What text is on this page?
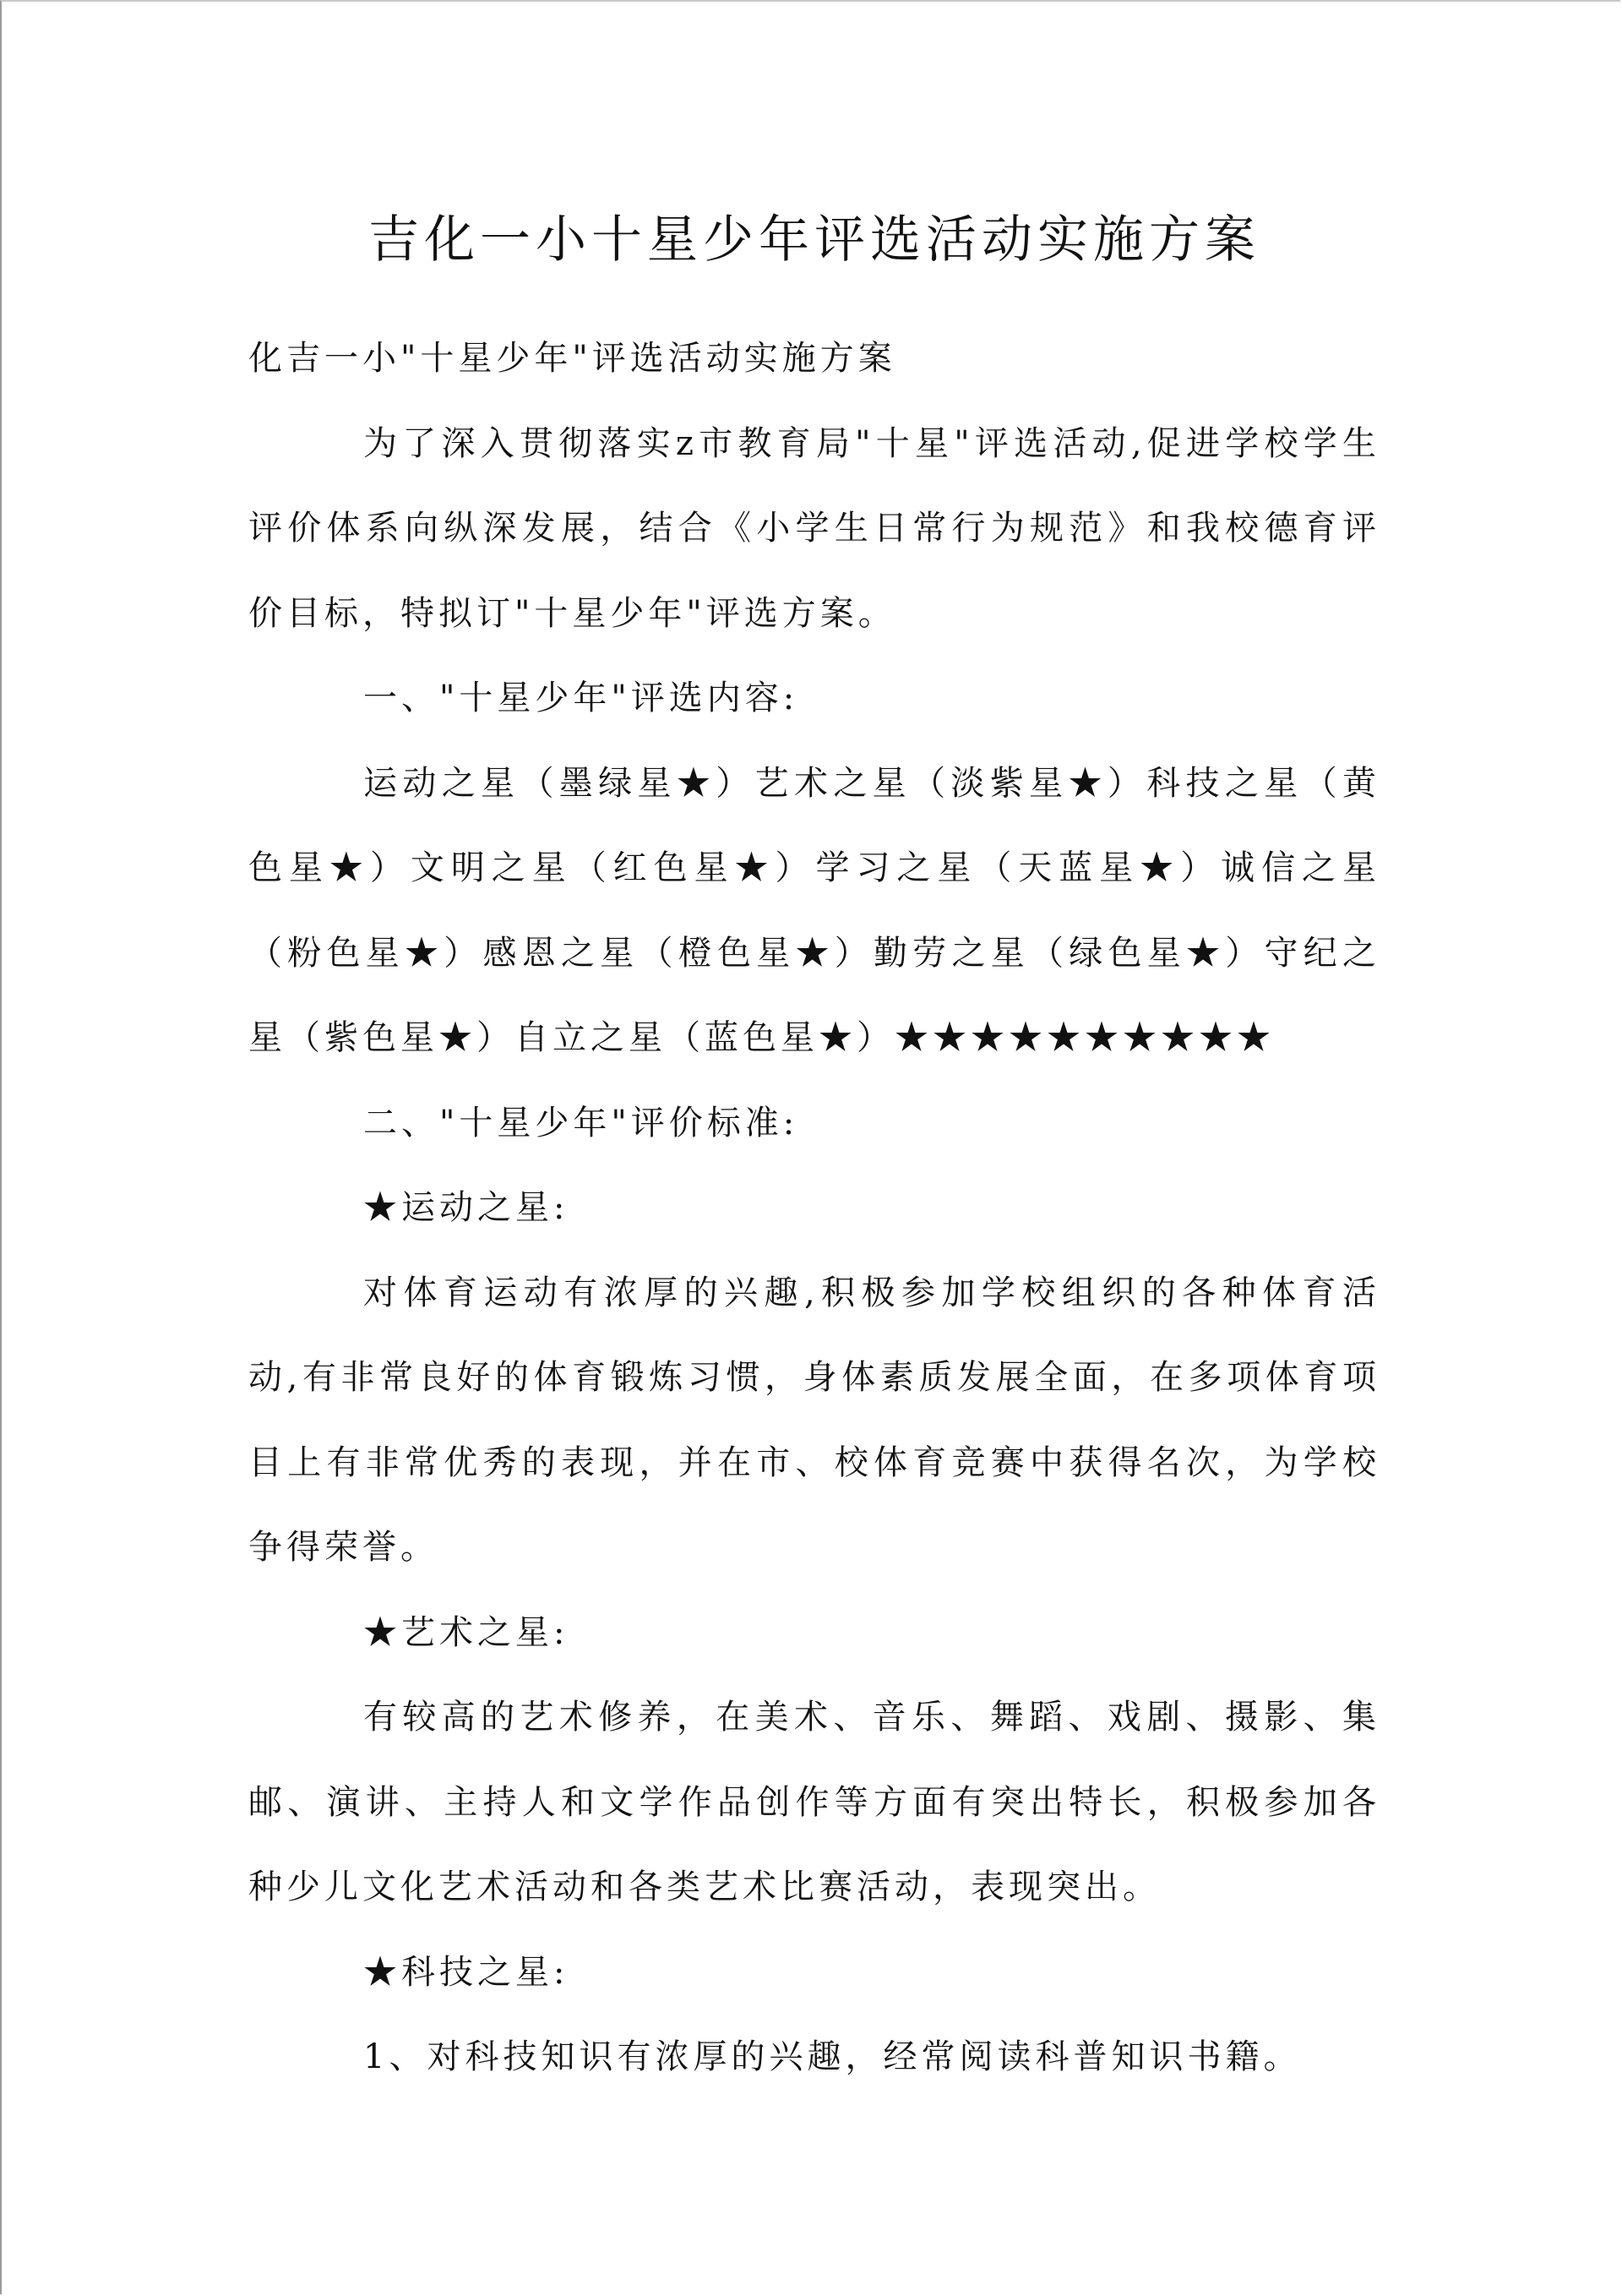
吉化一小十星少年评选活动实施方案

化吉一小"十星少年"评选活动实施方案

为了深入贯彻落实z市教育局"十星"评选活动,促进学校学生评价体系向纵深发展，结合《小学生日常行为规范》和我校德育评价目标，特拟订"十星少年"评选方案。

一、"十星少年"评选内容:

运动之星（墨绿星★）艺术之星（淡紫星★）科技之星（黄色星★）文明之星（红色星★）学习之星（天蓝星★）诚信之星（粉色星★）感恩之星（橙色星★）勤劳之星（绿色星★）守纪之星（紫色星★）自立之星（蓝色星★）★★★★★★★★★★

二、"十星少年"评价标准:

★运动之星:

对体育运动有浓厚的兴趣,积极参加学校组织的各种体育活动,有非常良好的体育锻炼习惯，身体素质发展全面，在多项体育项目上有非常优秀的表现，并在市、校体育竞赛中获得名次，为学校争得荣誉。

★艺术之星:

有较高的艺术修养，在美术、音乐、舞蹈、戏剧、摄影、集邮、演讲、主持人和文学作品创作等方面有突出特长，积极参加各种少儿文化艺术活动和各类艺术比赛活动，表现突出。

★科技之星:

1、对科技知识有浓厚的兴趣，经常阅读科普知识书籍。
